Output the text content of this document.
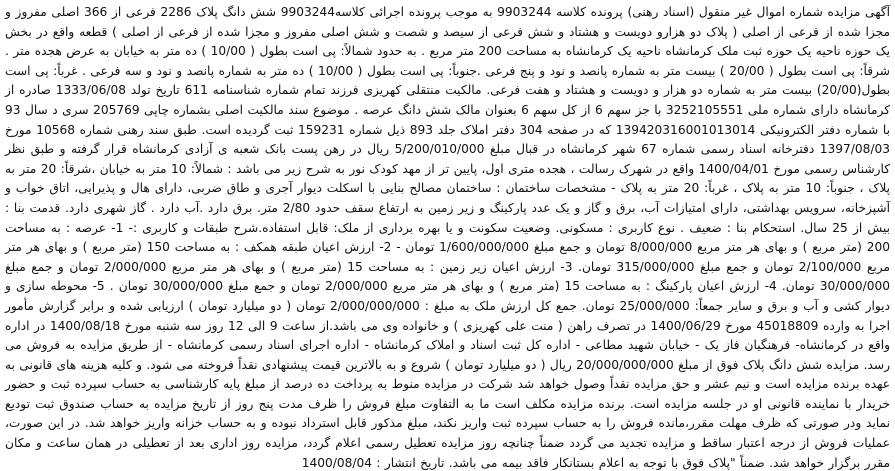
آگهی مزایده شماره اموال غیر منقول (اسناد رهنی) پرونده کلاسه 9903244 به موجب پرونده اجرائی کلاسه9903244 شش دانگ پلاک 2286 فرعی از 366 اصلی مفروز و مجزا شده از فرعی از اصلی ( پلاک دو هزارو دویست و هشتاد و شش فرعی از سیصد و شصت و شش اصلی مفروز و مجزا شده از فرعی از اصلی ) قطعه واقع در بخش یک حوزه ناحیه یک حوزه ثبت ملک کرمانشاه ناحیه یک کرمانشاه به مساحت 200 متر مربع . به حدود شمالاً: پی است بطول ( 10/00 ) ده متر به خیابان به عرض هجده متر . شرقاً: پی است بطول ( 20/00 ) بیست متر به شماره پانصد و نود و پنج فرعی .جنوباً: پی است بطول ( 10/00 ) ده متر به شماره پانصد و نود و سه فرعی . غرباً: پی است بطول(20/00) بیست متر به شماره دو هزار و دویست و هشتاد و هفت فرعی. مالکیت منتقلی کهریزی فرزند تمام شماره شناسنامه 611 تاریخ تولد 1333/06/08 صادره از کرمانشاه دارای شماره ملی 3252105551 با جز سهم 6 از کل سهم 6 بعنوان مالک شش دانگ عرصه . موضوع سند مالکیت اصلی بشماره چاپی 205769 سری د سال 93 با شماره دفتر الکترونیکی 139420316001013014 که در صفحه 304 دفتر املاک جلد 893 ذیل شماره 159231 ثبت گردیده است. طبق سند رهنی شماره 10568 مورخ 1397/08/03 دفترخانه اسناد رسمی شماره 67 شهر کرمانشاه در قبال مبلغ 5/200/010/000 ریال در رهن پست بانک شعبه ی آزادی کرمانشاه قرار گرفته و طبق نظر کارشناس رسمی مورخ 1400/04/01 واقع در شهرک رسالت ، هجده متری اول، پایین تر از مهد کودک نور به شرح زیر می باشد : شمالاً: 10 متر به خیابان ،شرقاً: 20 متر به پلاک ، جنوباً: 10 متر به پلاک ، غرباً: 20 متر به پلاک - مشخصات ساختمان : ساختمان مصالح بنایی با اسکلت دیوار آجری و طاق ضربی، دارای هال و پذیرایی، اتاق خواب و آشپزخانه، سرویس بهداشتی، دارای امتیازات آب، برق و گاز و یک عدد پارکینگ و زیر زمین به ارتفاع سقف حدود 2/80 متر. برق دارد .آب دارد . گاز شهری دارد. قدمت بنا : بیش از 25 سال. استحکام بنا : ضعیف . نوع کاربری : مسکونی. وضعیت سکونت و یا بهره برداری از ملک: قابل استفاده.شرح طبقات و کاربری :- 1- عرصه : به مساحت 200 (متر مربع ) و بهای هر متر مربع 8/000/000 تومان و جمع مبلغ 1/600/000/000 تومان - 2- ارزش اعیان طبقه همکف : به مساحت 150 (متر مربع ) و بهای هر متر مربع 2/100/000 تومان و جمع مبلغ 315/000/000 تومان. 3- ارزش اعیان زیر زمین : به مساحت 15 (متر مربع ) و بهای هر متر مربع 2/000/000 تومان و جمع مبلغ 30/000/000 تومان. 4- ارزش اعیان پارکینگ : به مساحت 15 (متر مربع ) و بهای هر متر مربع 2/000/000 تومان و جمع مبلغ 30/000/000 تومان . 5- محوطه سازی و دیوار کشی و آب و برق و سایر جمعاً: 25/000/000 تومان. جمع کل ارزش ملک به مبلغ : 2/000/000/000 تومان ( دو میلیارد تومان ) ارزیابی شده و برابر گزارش مأمور اجرا به وارده 45018809 مورخ 1400/06/29 در تصرف راهن ( منت علی کهریزی ) و خانواده وی می باشد.از ساعت 9 الی 12 روز سه شنبه مورخ 1400/08/18 در اداره واقع در کرمانشاه- فرهنگیان فاز یک - خیابان شهید مطاعی - اداره کل ثبت اسناد و املاک کرمانشاه - اداره اجرای اسناد رسمی کرمانشاه - از طریق مزایده به فروش می رسد. مزایده شش دانگ پلاک فوق از مبلغ 20/000/000/000 ریال ( دو میلیارد تومان ) شروع و به بالاترین قیمت پیشنهادی نقداً فروخته می شود. و کلیه هزینه های قانونی به عهده برنده مزایده است و نیم عشر و حق مزایده نقداً وصول خواهد شد شرکت در مزایده منوط به پرداخت ده درصد از مبلغ پایه کارشناسی به حساب سپرده ثبت و حضور خریدار با نماینده قانونی او در جلسه مزایده است. برنده مزایده مکلف است ما به التفاوت مبلغ فروش را ظرف مدت پنج روز از تاریخ مزایده به حساب صندوق ثبت تودیع نماید ودر صورتی که ظرف مهلت مقرر،مانده فروش را به حساب سپرده ثبت واریز نکند، مبلغ مذکور قابل استرداد نبوده و به حساب خزانه واریز خواهد شد. در این صورت، عملیات فروش از درجه اعتبار ساقط و مزایده تجدید می گردد ضمناً چنانچه روز مزایده تعطیل رسمی اعلام گردد، مزایده روز اداری بعد از تعطیلی در همان ساعت و مکان مقرر برگزار خواهد شد. ضمناً "پلاک فوق با توجه به اعلام بستانکار فاقد بیمه می باشد. تاریخ انتشار : 1400/08/04
